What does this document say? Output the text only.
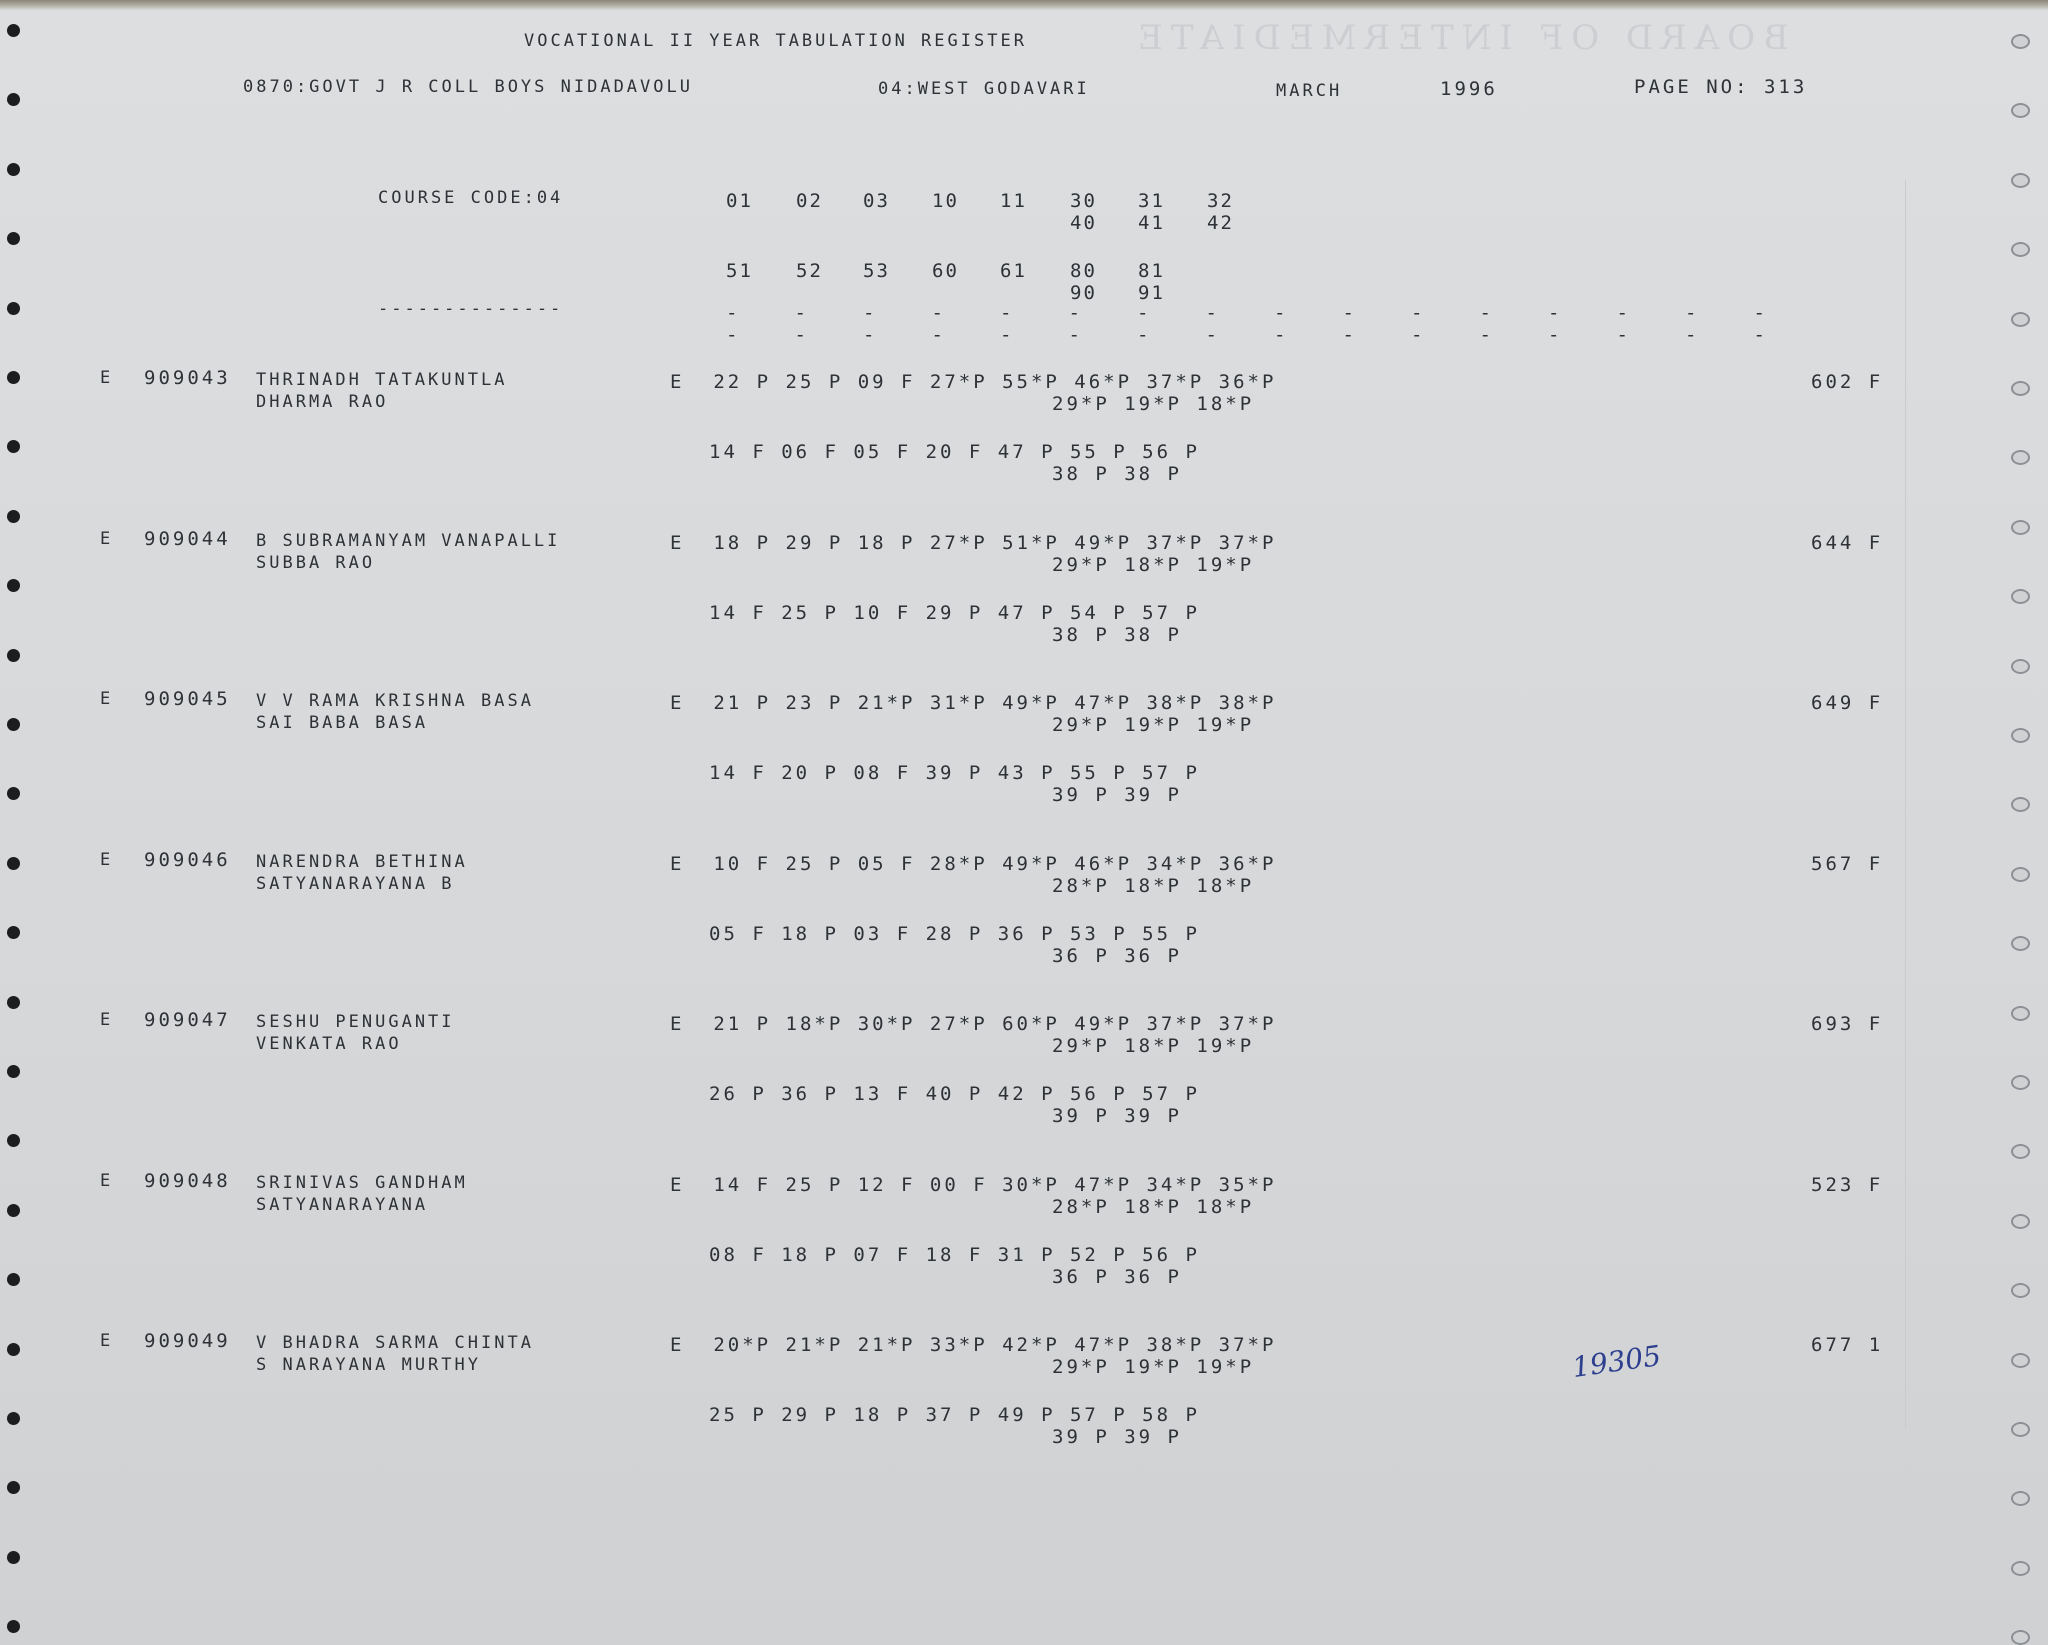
BOARD OF INTERMEDIATE
VOCATIONAL II YEAR TABULATION REGISTER
0870:GOVT J R COLL BOYS NIDADAVOLU	04:WEST GODAVARI	MARCH	1996	PAGE NO: 313
COURSE CODE:04
--------------
01 02 03 10 11 30 31 32
40 41 42
51 52 53 60 61 80 81
90 91
--
--
--
--
--
--
--
--
--
--
--
--
--
--
--
--
E 909043 THRINADH TATAKUNTLA
DHARMA RAO
E  22 P 25 P 09 F 27*P 55*P 46*P 37*P 36*P
29*P 19*P 18*P
14 F 06 F 05 F 20 F 47 P 55 P 56 P
38 P 38 P
602 F
E 909044 B SUBRAMANYAM VANAPALLI
SUBBA RAO
E  18 P 29 P 18 P 27*P 51*P 49*P 37*P 37*P
29*P 18*P 19*P
14 F 25 P 10 F 29 P 47 P 54 P 57 P
38 P 38 P
644 F
E 909045 V V RAMA KRISHNA BASA
SAI BABA BASA
E  21 P 23 P 21*P 31*P 49*P 47*P 38*P 38*P
29*P 19*P 19*P
14 F 20 P 08 F 39 P 43 P 55 P 57 P
39 P 39 P
649 F
E 909046 NARENDRA BETHINA
SATYANARAYANA B
E  10 F 25 P 05 F 28*P 49*P 46*P 34*P 36*P
28*P 18*P 18*P
05 F 18 P 03 F 28 P 36 P 53 P 55 P
36 P 36 P
567 F
E 909047 SESHU PENUGANTI
VENKATA RAO
E  21 P 18*P 30*P 27*P 60*P 49*P 37*P 37*P
29*P 18*P 19*P
26 P 36 P 13 F 40 P 42 P 56 P 57 P
39 P 39 P
693 F
E 909048 SRINIVAS GANDHAM
SATYANARAYANA
E  14 F 25 P 12 F 00 F 30*P 47*P 34*P 35*P
28*P 18*P 18*P
08 F 18 P 07 F 18 F 31 P 52 P 56 P
36 P 36 P
523 F
E 909049 V BHADRA SARMA CHINTA
S NARAYANA MURTHY
E  20*P 21*P 21*P 33*P 42*P 47*P 38*P 37*P
29*P 19*P 19*P
25 P 29 P 18 P 37 P 49 P 57 P 58 P
39 P 39 P
677 1
19305
